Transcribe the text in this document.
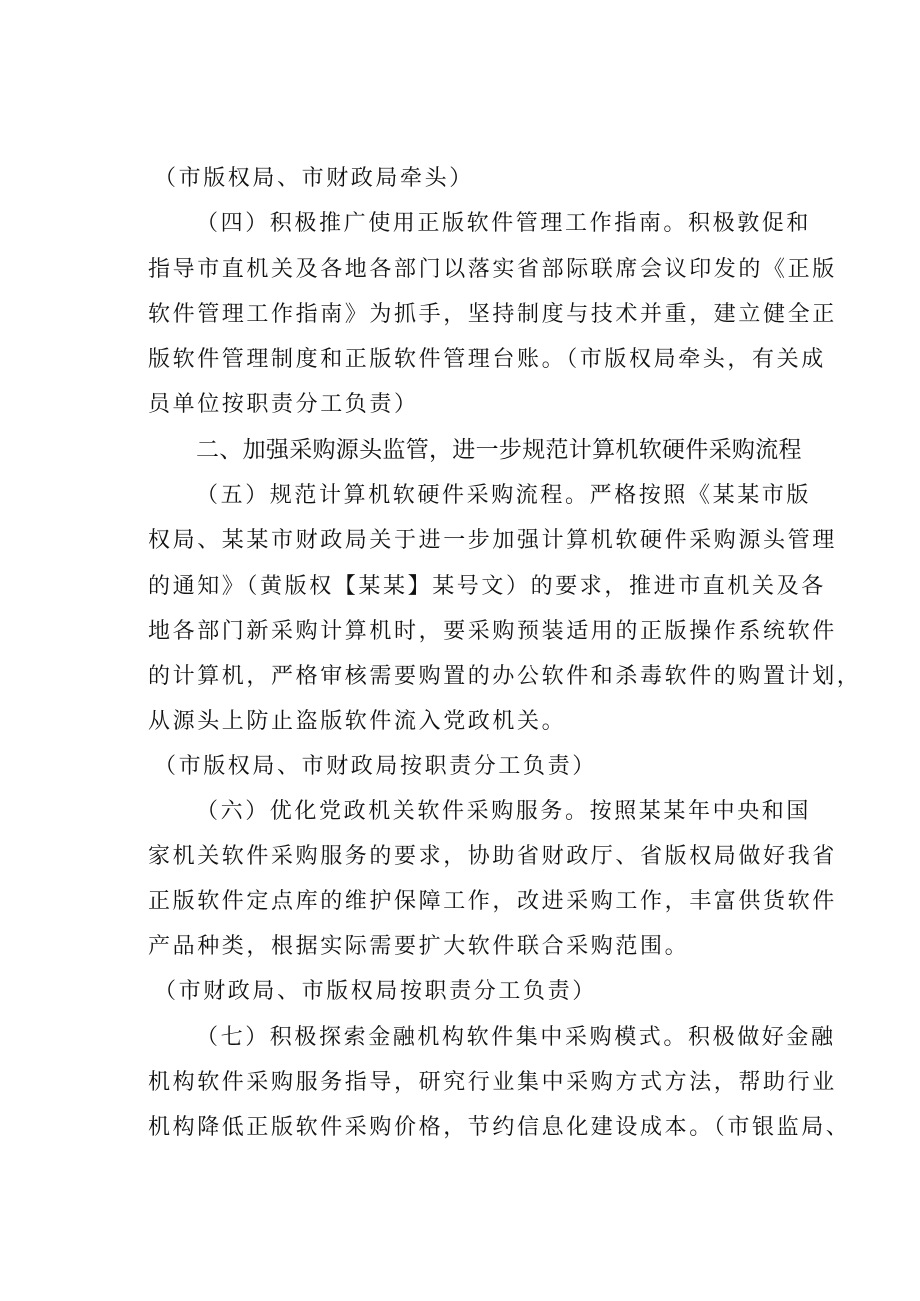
（市版权局、市财政局牵头）
（四）积极推广使用正版软件管理工作指南。积极敦促和
指导市直机关及各地各部门以落实省部际联席会议印发的《正版
软件管理工作指南》为抓手，坚持制度与技术并重，建立健全正
版软件管理制度和正版软件管理台账。（市版权局牵头，有关成
员单位按职责分工负责）
二、加强采购源头监管，进一步规范计算机软硬件采购流程
（五）规范计算机软硬件采购流程。严格按照《某某市版
权局、某某市财政局关于进一步加强计算机软硬件采购源头管理
的通知》（黄版权【某某】某号文）的要求，推进市直机关及各
地各部门新采购计算机时，要采购预装适用的正版操作系统软件
的计算机，严格审核需要购置的办公软件和杀毒软件的购置计划，
从源头上防止盗版软件流入党政机关。
（市版权局、市财政局按职责分工负责）
（六）优化党政机关软件采购服务。按照某某年中央和国
家机关软件采购服务的要求，协助省财政厅、省版权局做好我省
正版软件定点库的维护保障工作，改进采购工作，丰富供货软件
产品种类，根据实际需要扩大软件联合采购范围。
（市财政局、市版权局按职责分工负责）
（七）积极探索金融机构软件集中采购模式。积极做好金融
机构软件采购服务指导，研究行业集中采购方式方法，帮助行业
机构降低正版软件采购价格，节约信息化建设成本。（市银监局、
